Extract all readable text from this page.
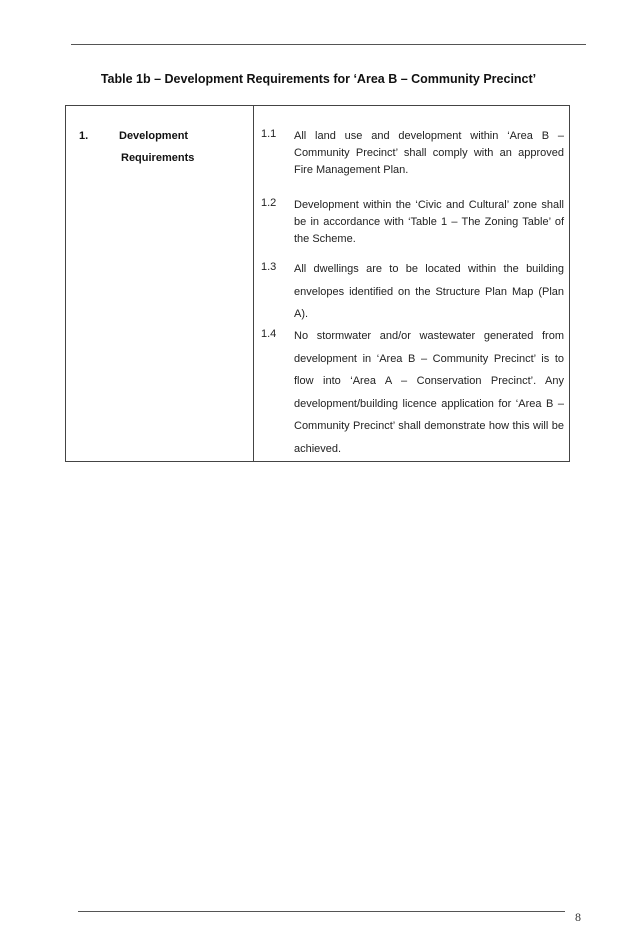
Table 1b – Development Requirements for ‘Area B – Community Precinct’
1.	Development
Requirements
1.1 All land use and development within ‘Area B – Community Precinct’ shall comply with an approved Fire Management Plan.
1.2 Development within the ‘Civic and Cultural’ zone shall be in accordance with ‘Table 1 – The Zoning Table’ of the Scheme.
1.3 All dwellings are to be located within the building envelopes identified on the Structure Plan Map (Plan A).
1.4 No stormwater and/or wastewater generated from development in ‘Area B – Community Precinct’ is to flow into ‘Area A – Conservation Precinct’. Any development/building licence application for ‘Area B – Community Precinct’ shall demonstrate how this will be achieved.
8
